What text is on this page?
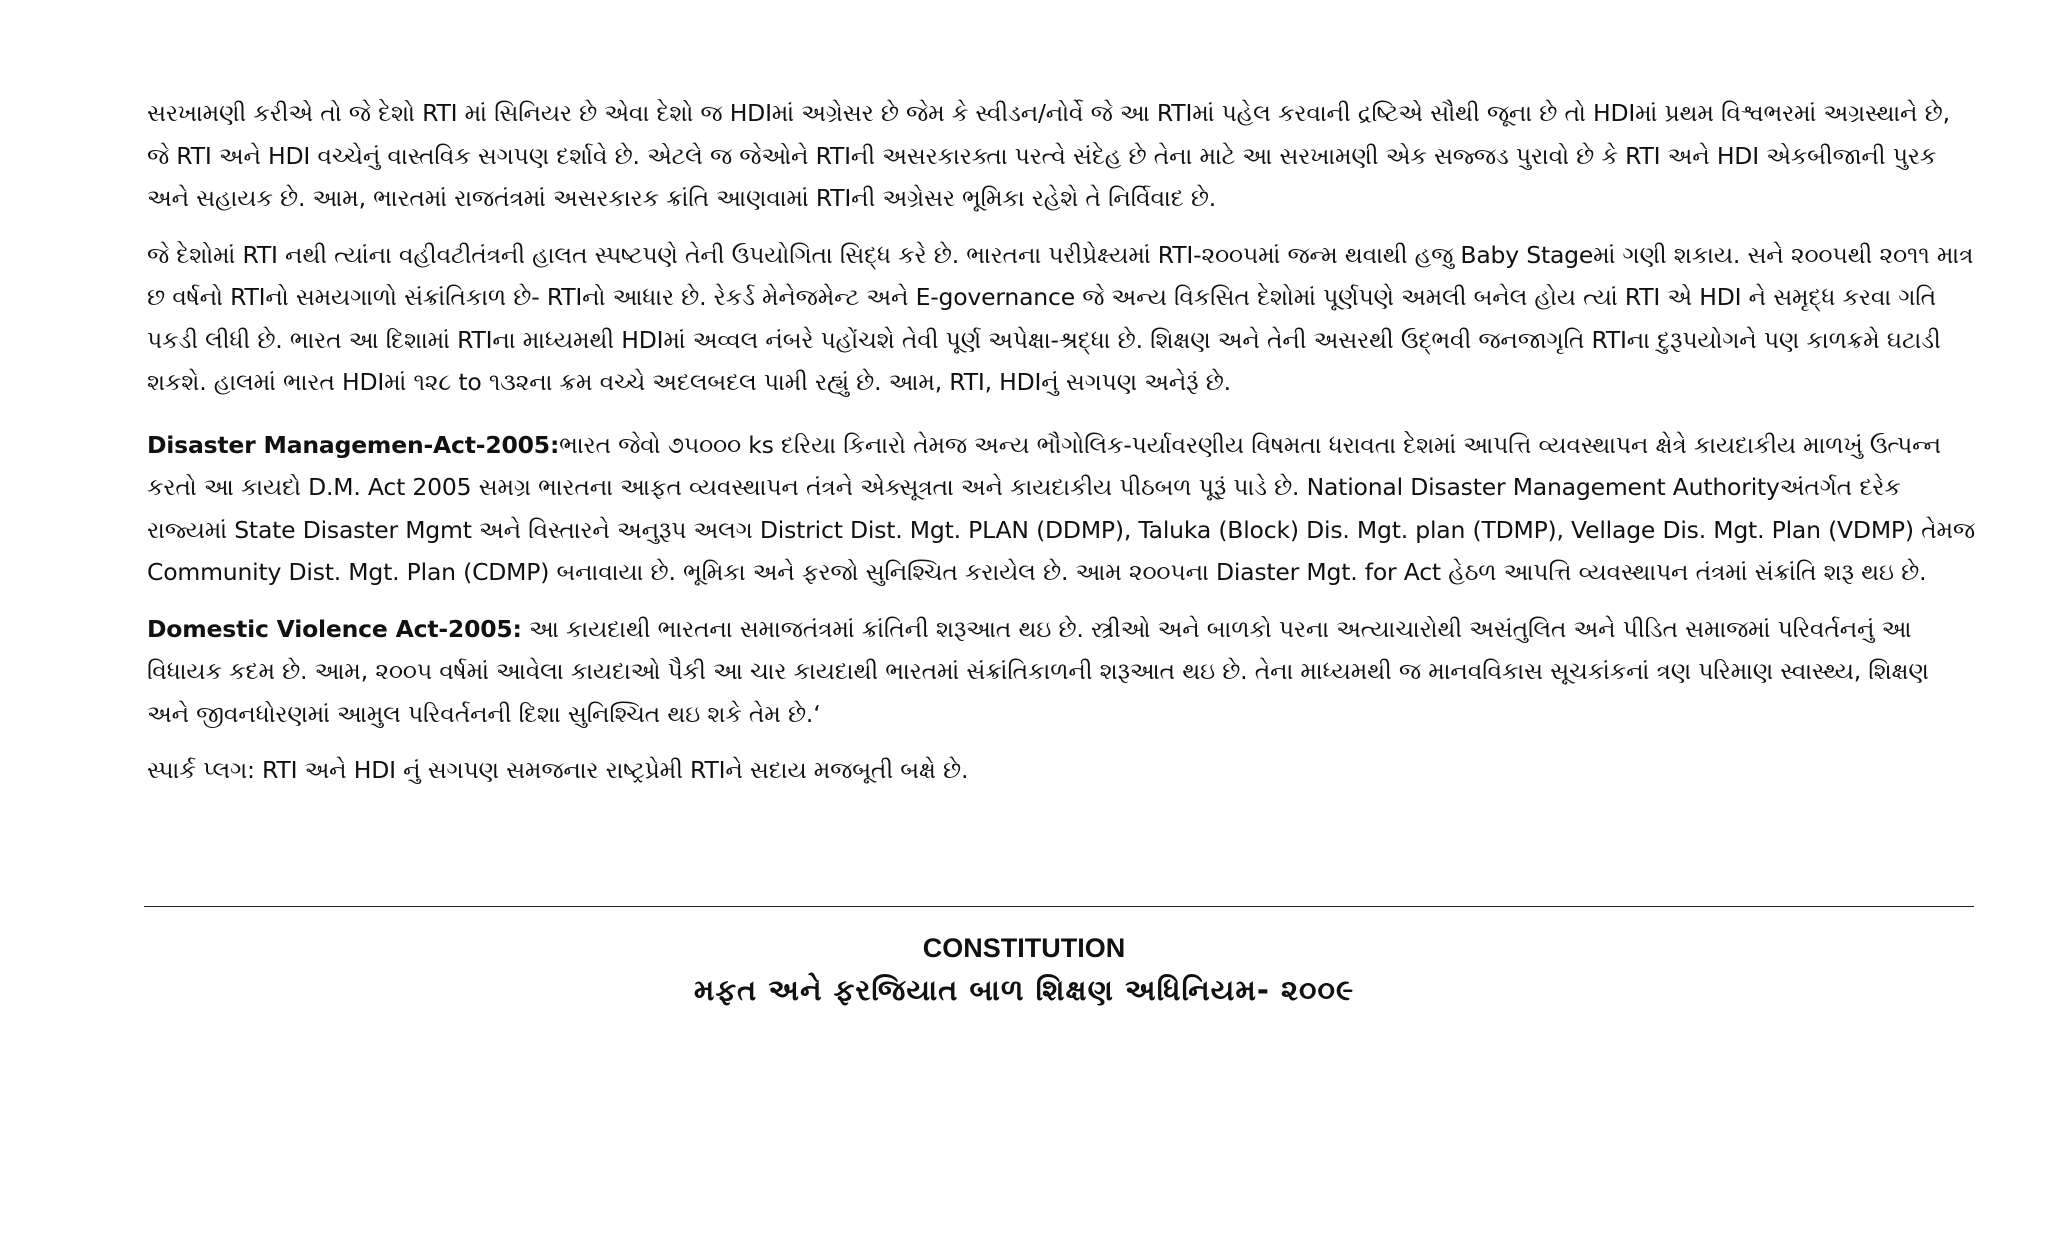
સરખામણી કરીએ તો જે દેશો RTI માં સિનિયર છે એવા દેશો જ HDIમાં અગ્રેસર છે જેમ કે સ્વીડન/નોર્વે જે આ RTIમાં પહેલ કરવાની દ્રષ્ટિએ સૌથી જૂના છે તો HDIમાં પ્રથમ વિશ્વભરમાં અગ્રસ્થાને છે, જે RTI અને HDI વચ્ચેનું વાસ્તવિક સગપણ દર્શાવે છે. એટલે જ જેઓને RTIની અસરકારક્તા પરત્વે સંદેહ છે તેના માટે આ સરખામણી એક સજ્જડ પુરાવો છે કે RTI અને HDI એકબીજાની પુરક અને સહાયક છે. આમ, ભારતમાં રાજતંત્રમાં અસરકારક ક્રાંતિ આણવામાં RTIની અગ્રેસર ભૂમિકા રહેશે તે નિર્વિવાદ છે.

જે દેશોમાં RTI નથી ત્યાંના વહીવટીતંત્રની હાલત સ્પષ્ટપણે તેની ઉપયોગિતા સિદ્ધ કરે છે. ભારતના પરીપ્રેક્ષ્યમાં RTI-૨૦૦૫માં જન્મ થવાથી હજુ Baby Stageમાં ગણી શકાય. સને ૨૦૦૫થી ૨૦૧૧ માત્ર છ વર્ષનો RTIનો સમયગાળો સંક્રાંતિકાળ છે- RTIનો આધાર છે. રેકર્ડ મેનેજમેન્ટ અને E-governance જે અન્ય વિકસિત દેશોમાં પૂર્ણપણે અમલી બનેલ હોય ત્યાં RTI એ HDI ને સમૃદ્ધ કરવા ગતિ પકડી લીધી છે. ભારત આ દિશામાં RTIના માધ્યમથી HDIમાં અવ્વલ નંબરે પહોંચશે તેવી પૂર્ણ અપેક્ષા-શ્રદ્ધા છે. શિક્ષણ અને તેની અસરથી ઉદ્ભવી જનજાગૃતિ RTIના દુરૂપયોગને પણ કાળક્રમે ઘટાડી શકશે. હાલમાં ભારત HDIમાં ૧૨૮ to ૧૩૨ના ક્રમ વચ્ચે અદલબદલ પામી રહ્યું છે. આમ, RTI, HDIનું સગપણ અનેરૂં છે.

Disaster Managemen-Act-2005:ભારત જેવો ૭૫૦૦૦ ks દરિયા કિનારો તેમજ અન્ય ભૌગોલિક-પર્યાવરણીય વિષમતા ધરાવતા દેશમાં આપત્તિ વ્યવસ્થાપન ક્ષેત્રે કાયદાકીય માળખું ઉત્પન્ન કરતો આ કાયદો D.M. Act 2005 સમગ્ર ભારતના આફત વ્યવસ્થાપન તંત્રને એક્સૂત્રતા અને કાયદાકીય પીઠબળ પૂરૂં પાડે છે. National Disaster Management Authorityઅંતર્ગત દરેક રાજ્યમાં State Disaster Mgmt અને વિસ્તારને અનુરૂપ અલગ District Dist. Mgt. PLAN (DDMP), Taluka (Block) Dis. Mgt. plan (TDMP), Vellage Dis. Mgt. Plan (VDMP) તેમજ Community Dist. Mgt. Plan (CDMP) બનાવાયા છે. ભૂમિકા અને ફરજો સુનિશ્ચિત કરાયેલ છે. આમ ૨૦૦૫ના Diaster Mgt. for Act હેઠળ આપત્તિ વ્યવસ્થાપન તંત્રમાં સંક્રાંતિ શરૂ થઇ છે.

Domestic Violence Act-2005: આ કાયદાથી ભારતના સમાજતંત્રમાં ક્રાંતિની શરૂઆત થઇ છે. સ્ત્રીઓ અને બાળકો પરના અત્યાચારોથી અસંતુલિત અને પીડિત સમાજમાં પરિવર્તનનું આ વિધાયક કદમ છે. આમ, ૨૦૦૫ વર્ષમાં આવેલા કાયદાઓ પૈકી આ ચાર કાયદાથી ભારતમાં સંક્રાંતિકાળની શરૂઆત થઇ છે. તેના માધ્યમથી જ માનવવિકાસ સૂચકાંકનાં ત્રણ પરિમાણ સ્વાસ્થ્ય, શિક્ષણ અને જીવનધોરણમાં આમુલ પરિવર્તનની દિશા સુનિશ્ચિત થઇ શકે તેમ છે.‘

સ્પાર્ક પ્લગ: RTI અને HDI નું સગપણ સમજનાર રાષ્ટ્રપ્રેમી RTIને સદાય મજબૂતી બક્ષે છે.

CONSTITUTION

મફત અને ફરજિયાત બાળ શિક્ષણ અધિનિયમ- ૨૦૦૯
